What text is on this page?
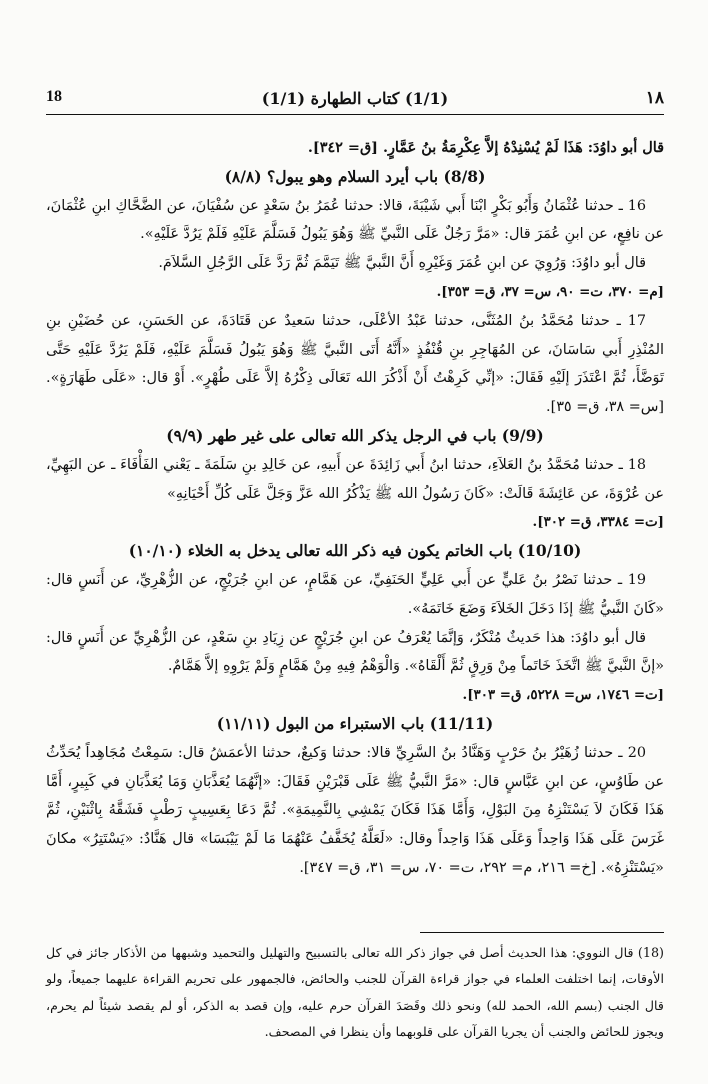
١٨
(1/1) كتاب الطهارة (1/1)
18

قال أبو داوُدَ: هَذَا لَمْ يُسْنِدْهُ إلاَّ عِكْرِمَةُ بنُ عَمَّارٍ. [ق= ٣٤٢].

(8/8) باب أيرد السلام وهو يبول؟ (٨/٨)

16 ـ حدثنا عُثْمَانُ وَأَبُو بَكْرٍ ابْنَا أَبي شَيْبَةَ، قالا: حدثنا عُمَرُ بنُ سَعْدٍ عن سُفْيَانَ، عن الضَّحَّاكِ ابنِ عُثْمَانَ، عن نافِعٍ، عن ابنِ عُمَرَ قال: «مَرَّ رَجُلٌ عَلَى النَّبيِّ ﷺ وَهُوَ يَبُولُ فَسَلَّمَ عَلَيْهِ فَلَمْ يَرُدَّ عَلَيْهِ».

قال أبو داوُدَ: وَرُوِيَ عن ابنِ عُمَرَ وَغَيْرِهِ أَنَّ النَّبيَّ ﷺ تَيَمَّمَ ثُمَّ رَدَّ عَلَى الرَّجُلِ السَّلاَمَ.

[م= ٣٧٠، ت= ٩٠، س= ٣٧، ق= ٣٥٣].

17 ـ حدثنا مُحَمَّدُ بنُ المُثَنَّى، حدثنا عَبْدُ الأعْلَى، حدثنا سَعيدٌ عن قَتَادَةَ، عن الحَسَنِ، عن حُضَيْنِ بنِ المُنْذِرِ أَبي سَاسَانَ، عن المُهَاجِرِ بنِ قُنْفُذٍ «أَنَّهُ أَتَى النَّبيَّ ﷺ وَهُوَ يَبُولُ فَسَلَّمَ عَلَيْهِ، فَلَمْ يَرُدَّ عَلَيْهِ حَتَّى تَوَضَّأَ، ثُمَّ اعْتَذَرَ إلَيْهِ فَقَالَ: «إنِّي كَرِهْتُ أَنْ أَذْكُرَ الله تَعَالَى ذِكْرُهُ إلاَّ عَلَى طُهْرٍ». أَوْ قال: «عَلَى طَهَارَةٍ». [س= ٣٨، ق= ٣٥].

(9/9) باب في الرجل يذكر الله تعالى على غير طهر (٩/٩)

18 ـ حدثنا مُحَمَّدُ بنُ العَلاَءِ، حدثنا ابنُ أَبي زَائِدَةَ عن أَبيهِ، عن خَالِدِ بنِ سَلَمَةَ ـ يَعْني الفَأْفَاءَ ـ عن البَهِيِّ، عن عُرْوَةَ، عن عَائِشَةَ قَالَتْ: «كَانَ رَسُولُ الله ﷺ يَذْكُرُ الله عَزَّ وَجَلَّ عَلَى كُلِّ أَحْيَانِهِ»

[ت= ٣٣٨٤، ق= ٣٠٢].

(10/10) باب الخاتم يكون فيه ذكر الله تعالى يدخل به الخلاء (١٠/١٠)

19 ـ حدثنا نَصْرُ بنُ عَليٍّ عن أَبي عَلِيٍّ الحَنَفِيِّ، عن هَمَّامٍ، عن ابنِ جُرَيْجٍ، عن الزُّهْرِيِّ، عن أَنَسٍ قال: «كَانَ النَّبيُّ ﷺ إذَا دَخَلَ الخَلاَءَ وَضَعَ خَاتَمَهُ».

قال أبو داوُدَ: هذا حَديثٌ مُنْكَرٌ، وَإنَّمَا يُعْرَفُ عن ابنِ جُرَيْجٍ عن زِيَادِ بنِ سَعْدٍ، عن الزُّهْرِيِّ عن أَنَسٍ قال: «إنَّ النَّبيَّ ﷺ اتَّخَذَ خَاتَماً مِنْ وَرِقٍ ثُمَّ أَلْقَاهُ». وَالْوَهْمُ فِيهِ مِنْ هَمَّامٍ وَلَمْ يَرْوِهِ إلاَّ هَمَّامٌ.

[ت= ١٧٤٦، س= ٥٢٢٨، ق= ٣٠٣].

(11/11) باب الاستبراء من البول (١١/١١)

20 ـ حدثنا زُهَيْرُ بنُ حَرْبٍ وَهَنَّادُ بنُ السَّرِيِّ قالا: حدثنا وَكيعٌ، حدثنا الأعمَشُ قال: سَمِعْتُ مُجَاهِداً يُحَدِّثُ عن طَاوُسٍ، عن ابنِ عَبَّاسٍ قال: «مَرَّ النَّبيُّ ﷺ عَلَى قَبْرَيْنِ فَقَالَ: «إنَّهُمَا يُعَذَّبَانِ وَمَا يُعَذَّبَانِ في كَبِيرٍ، أَمَّا هَذَا فَكَانَ لاَ يَسْتَنْزِهُ مِنَ البَوْلِ، وَأَمَّا هَذَا فَكَانَ يَمْشِي بِالنَّمِيمَةِ». ثُمَّ دَعَا بِعَسِيبٍ رَطْبٍ فَشَقَّهُ بِاثْنَيْنِ، ثُمَّ غَرَسَ عَلَى هَذَا وَاحِداً وَعَلَى هَذَا وَاحِداً وقال: «لَعَلَّهُ يُخَفَّفُ عَنْهُمَا مَا لَمْ يَيْبَسَا» قال هَنَّادٌ: «يَسْتَتِرُ» مكانَ «يَسْتَنْزِهُ». [خ= ٢١٦، م= ٢٩٢، ت= ٧٠، س= ٣١، ق= ٣٤٧].

(18) قال النووي: هذا الحديث أصل في جواز ذكر الله تعالى بالتسبيح والتهليل والتحميد وشبهها من الأذكار جائز في كل الأوقات، إنما اختلفت العلماء في جواز قراءة القرآن للجنب والحائض، فالجمهور على تحريم القراءة عليهما جميعاً، ولو قال الجنب (بسم الله، الحمد لله) ونحو ذلك وقَصَدَ القرآن حرم عليه، وإن قصد به الذكر، أو لم يقصد شيئاً لم يحرم، ويجوز للحائض والجنب أن يجريا القرآن على قلوبهما وأن ينظرا في المصحف.
